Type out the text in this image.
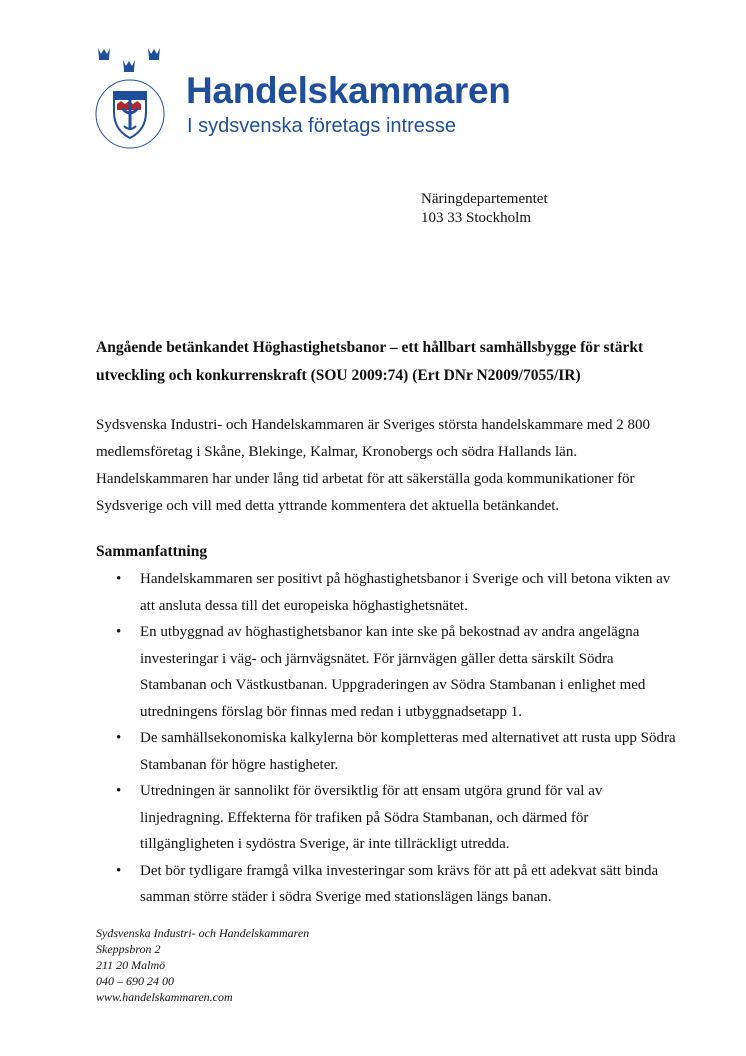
Handelskammaren
I sydsvenska företags intresse
Näringdepartementet
103 33 Stockholm

Angående betänkandet Höghastighetsbanor – ett hållbart samhällsbygge för stärkt utveckling och konkurrenskraft (SOU 2009:74) (Ert DNr N2009/7055/IR)

Sydsvenska Industri- och Handelskammaren är Sveriges största handelskammare med 2 800 medlemsföretag i Skåne, Blekinge, Kalmar, Kronobergs och södra Hallands län. Handelskammaren har under lång tid arbetat för att säkerställa goda kommunikationer för Sydsverige och vill med detta yttrande kommentera det aktuella betänkandet.

Sammanfattning
• Handelskammaren ser positivt på höghastighetsbanor i Sverige och vill betona vikten av att ansluta dessa till det europeiska höghastighetsnätet.
• En utbyggnad av höghastighetsbanor kan inte ske på bekostnad av andra angelägna investeringar i väg- och järnvägsnätet. För järnvägen gäller detta särskilt Södra Stambanan och Västkustbanan. Uppgraderingen av Södra Stambanan i enlighet med utredningens förslag bör finnas med redan i utbyggnadsetapp 1.
• De samhällsekonomiska kalkylerna bör kompletteras med alternativet att rusta upp Södra Stambanan för högre hastigheter.
• Utredningen är sannolikt för översiktlig för att ensam utgöra grund för val av linjedragning. Effekterna för trafiken på Södra Stambanan, och därmed för tillgängligheten i sydöstra Sverige, är inte tillräckligt utredda.
• Det bör tydligare framgå vilka investeringar som krävs för att på ett adekvat sätt binda samman större städer i södra Sverige med stationslägen längs banan.
Sydsvenska Industri- och Handelskammaren
Skeppsbron 2
211 20 Malmö
040 – 690 24 00
www.handelskammaren.com
